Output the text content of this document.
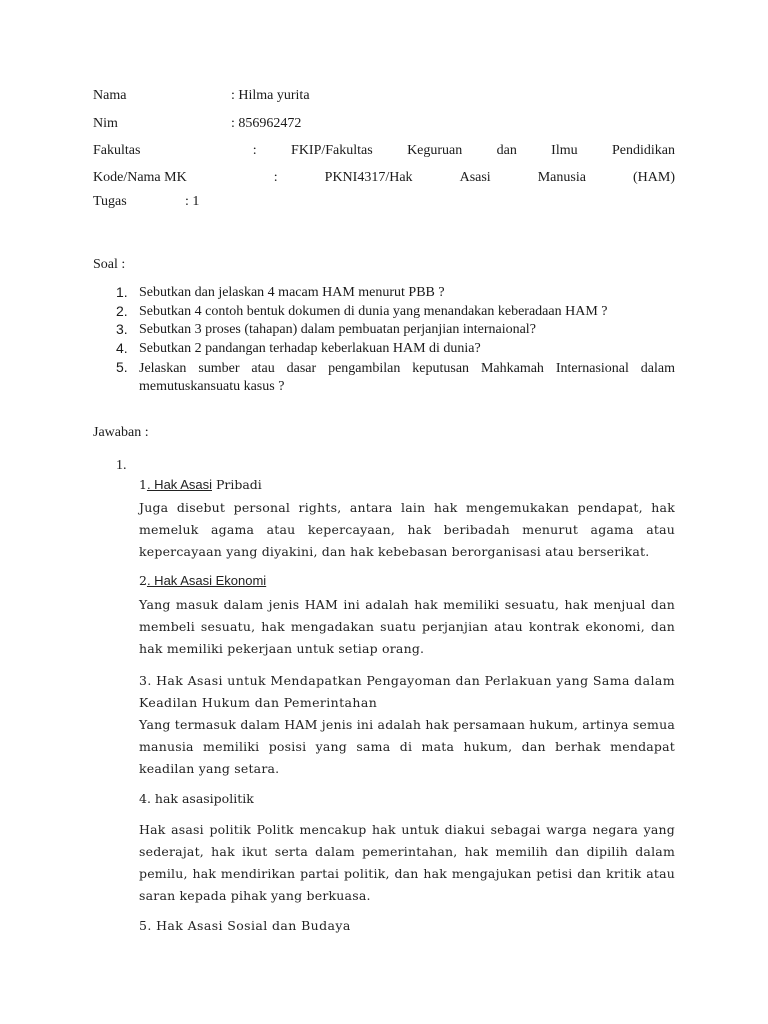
Nama	: Hilma yurita
Nim	: 856962472
Fakultas	: FKIP/Fakultas Keguruan dan Ilmu Pendidikan
Kode/Nama MK	:	PKNI4317/Hak	Asasi	Manusia	(HAM)
Tugas	: 1
Soal :
1. Sebutkan dan jelaskan 4 macam HAM menurut PBB ?
2. Sebutkan 4 contoh bentuk dokumen di dunia yang menandakan keberadaan HAM ?
3. Sebutkan 3 proses (tahapan) dalam pembuatan perjanjian internaional?
4. Sebutkan 2 pandangan terhadap keberlakuan HAM di dunia?
5. Jelaskan sumber atau dasar pengambilan keputusan Mahkamah Internasional dalam memutuskansuatu kasus ?
Jawaban :
1.
1. Hak Asasi Pribadi
Juga disebut personal rights, antara lain hak mengemukakan pendapat, hak memeluk agama atau kepercayaan, hak beribadah menurut agama atau kepercayaan yang diyakini, dan hak kebebasan berorganisasi atau berserikat.
2. Hak Asasi Ekonomi
Yang masuk dalam jenis HAM ini adalah hak memiliki sesuatu, hak menjual dan membeli sesuatu, hak mengadakan suatu perjanjian atau kontrak ekonomi, dan hak memiliki pekerjaan untuk setiap orang.
3. Hak Asasi untuk Mendapatkan Pengayoman dan Perlakuan yang Sama dalam Keadilan Hukum dan Pemerintahan
Yang termasuk dalam HAM jenis ini adalah hak persamaan hukum, artinya semua manusia memiliki posisi yang sama di mata hukum, dan berhak mendapat keadilan yang setara.
4. hak asasipolitik
Hak asasi politik Politk mencakup hak untuk diakui sebagai warga negara yang sederajat, hak ikut serta dalam pemerintahan, hak memilih dan dipilih dalam pemilu, hak mendirikan partai politik, dan hak mengajukan petisi dan kritik atau saran kepada pihak yang berkuasa.
5. Hak Asasi Sosial dan Budaya
